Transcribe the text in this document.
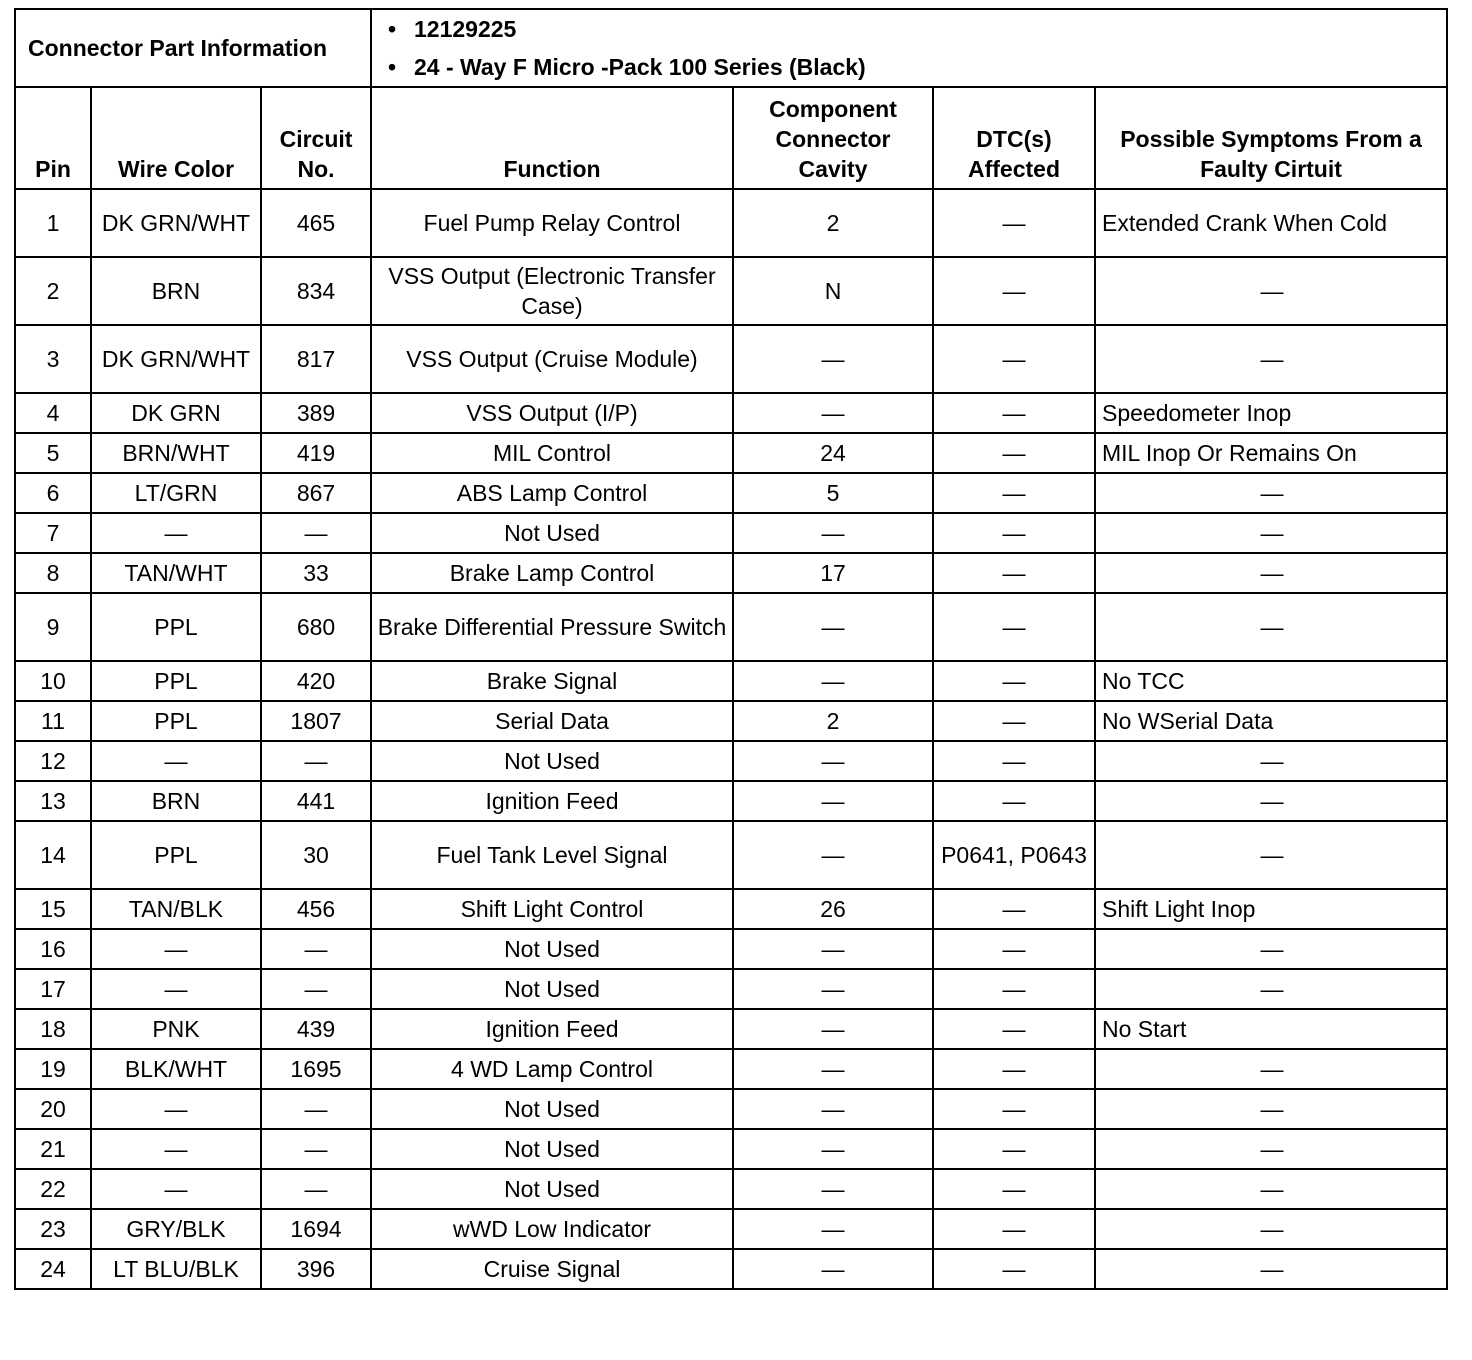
Connector Part Information			• 12129225
• 24 - Way F Micro -Pack 100 Series (Black)

Pin	Wire Color	Circuit No.	Function	Component Connector Cavity	DTC(s) Affected	Possible Symptoms From a Faulty Cirtuit
1	DK GRN/WHT	465	Fuel Pump Relay Control	2	—	Extended Crank When Cold
2	BRN	834	VSS Output (Electronic Transfer Case)	N	—	—
3	DK GRN/WHT	817	VSS Output (Cruise Module)	—	—	—
4	DK GRN	389	VSS Output (I/P)	—	—	Speedometer Inop
5	BRN/WHT	419	MIL Control	24	—	MIL Inop Or Remains On
6	LT/GRN	867	ABS Lamp Control	5	—	—
7	—	—	Not Used	—	—	—
8	TAN/WHT	33	Brake Lamp Control	17	—	—
9	PPL	680	Brake Differential Pressure Switch	—	—	—
10	PPL	420	Brake Signal	—	—	No TCC
11	PPL	1807	Serial Data	2	—	No WSerial Data
12	—	—	Not Used	—	—	—
13	BRN	441	Ignition Feed	—	—	—
14	PPL	30	Fuel Tank Level Signal	—	P0641, P0643	—
15	TAN/BLK	456	Shift Light Control	26	—	Shift Light Inop
16	—	—	Not Used	—	—	—
17	—	—	Not Used	—	—	—
18	PNK	439	Ignition Feed	—	—	No Start
19	BLK/WHT	1695	4 WD Lamp Control	—	—	—
20	—	—	Not Used	—	—	—
21	—	—	Not Used	—	—	—
22	—	—	Not Used	—	—	—
23	GRY/BLK	1694	wWD Low Indicator	—	—	—
24	LT BLU/BLK	396	Cruise Signal	—	—	—
